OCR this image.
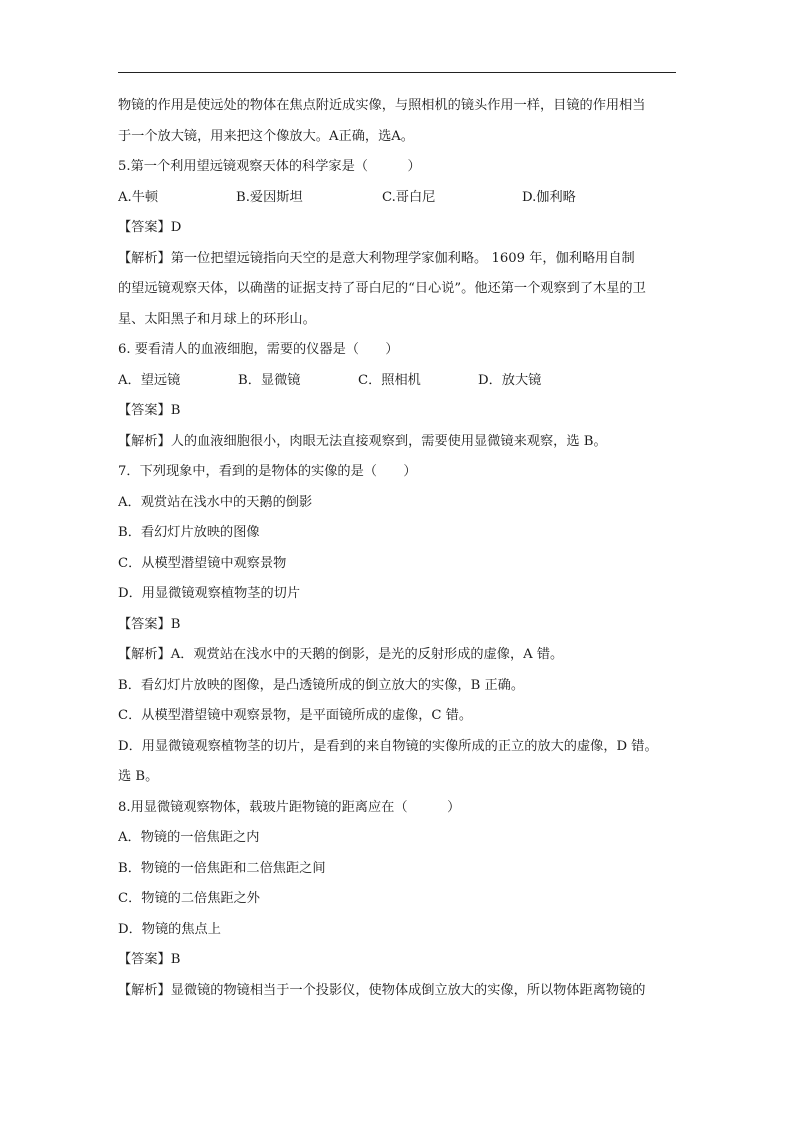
物镜的作用是使远处的物体在焦点附近成实像，与照相机的镜头作用一样，目镜的作用相当
于一个放大镜，用来把这个像放大。A正确，选A。
5.第一个利用望远镜观察天体的科学家是（　　　）
A.牛顿	B.爱因斯坦	C.哥白尼	D.伽利略
【答案】D
【解析】第一位把望远镜指向天空的是意大利物理学家伽利略。 1609 年，伽利略用自制
的望远镜观察天体，以确凿的证据支持了哥白尼的“日心说”。他还第一个观察到了木星的卫
星、太阳黑子和月球上的环形山。
6. 要看清人的血液细胞，需要的仪器是（　　）
A．望远镜	B．显微镜	C．照相机	D．放大镜
【答案】B
【解析】人的血液细胞很小，肉眼无法直接观察到，需要使用显微镜来观察，选 B。
7．下列现象中，看到的是物体的实像的是（　　）
A．观赏站在浅水中的天鹅的倒影
B．看幻灯片放映的图像
C．从模型潜望镜中观察景物
D．用显微镜观察植物茎的切片
【答案】B
【解析】A．观赏站在浅水中的天鹅的倒影，是光的反射形成的虚像，A 错。
B．看幻灯片放映的图像，是凸透镜所成的倒立放大的实像，B 正确。
C．从模型潜望镜中观察景物，是平面镜所成的虚像，C 错。
D．用显微镜观察植物茎的切片，是看到的来自物镜的实像所成的正立的放大的虚像，D 错。
选 B。
8.用显微镜观察物体，载玻片距物镜的距离应在（　　　）
A．物镜的一倍焦距之内
B．物镜的一倍焦距和二倍焦距之间
C．物镜的二倍焦距之外
D．物镜的焦点上
【答案】B
【解析】显微镜的物镜相当于一个投影仪，使物体成倒立放大的实像，所以物体距离物镜的
